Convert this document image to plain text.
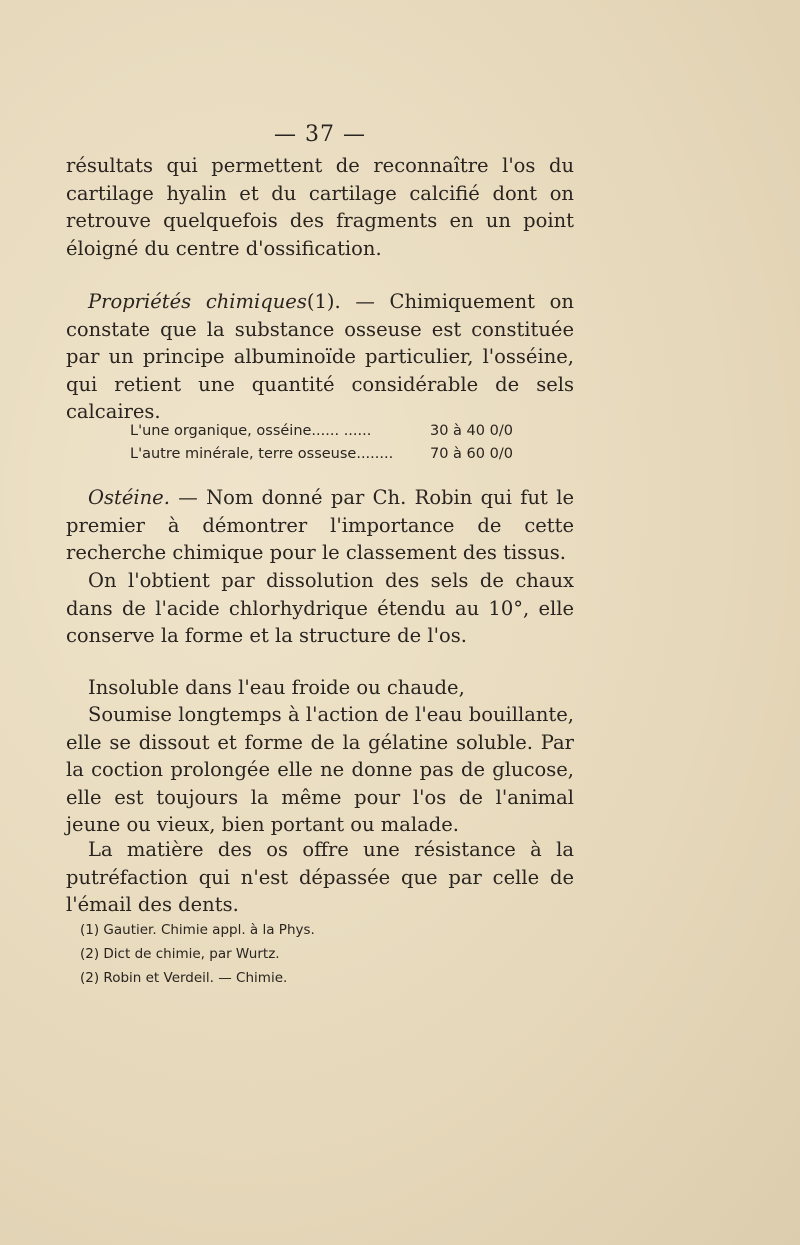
— 37 —

résultats qui permettent de reconnaître l'os du cartilage hyalin et du cartilage calcifié dont on retrouve quelquefois des fragments en un point éloigné du centre d'ossification.

Propriétés chimiques(1). — Chimiquement on constate que la substance osseuse est constituée par un principe albuminoïde particulier, l'osséine, qui retient une quantité considérable de sels calcaires.

L'une organique, osséine...... ......	30 à 40 0/0
L'autre minérale, terre osseuse........	70 à 60 0/0

Ostéine. — Nom donné par Ch. Robin qui fut le premier à démontrer l'importance de cette recherche chimique pour le classement des tissus.

On l'obtient par dissolution des sels de chaux dans de l'acide chlorhydrique étendu au 10°, elle conserve la forme et la structure de l'os.

Insoluble dans l'eau froide ou chaude,

Soumise longtemps à l'action de l'eau bouillante, elle se dissout et forme de la gélatine soluble. Par la coction prolongée elle ne donne pas de glucose, elle est toujours la même pour l'os de l'animal jeune ou vieux, bien portant ou malade.

La matière des os offre une résistance à la putréfaction qui n'est dépassée que par celle de l'émail des dents.

(1) Gautier. Chimie appl. à la Phys.
(2) Dict de chimie, par Wurtz.
(2) Robin et Verdeil. — Chimie.
